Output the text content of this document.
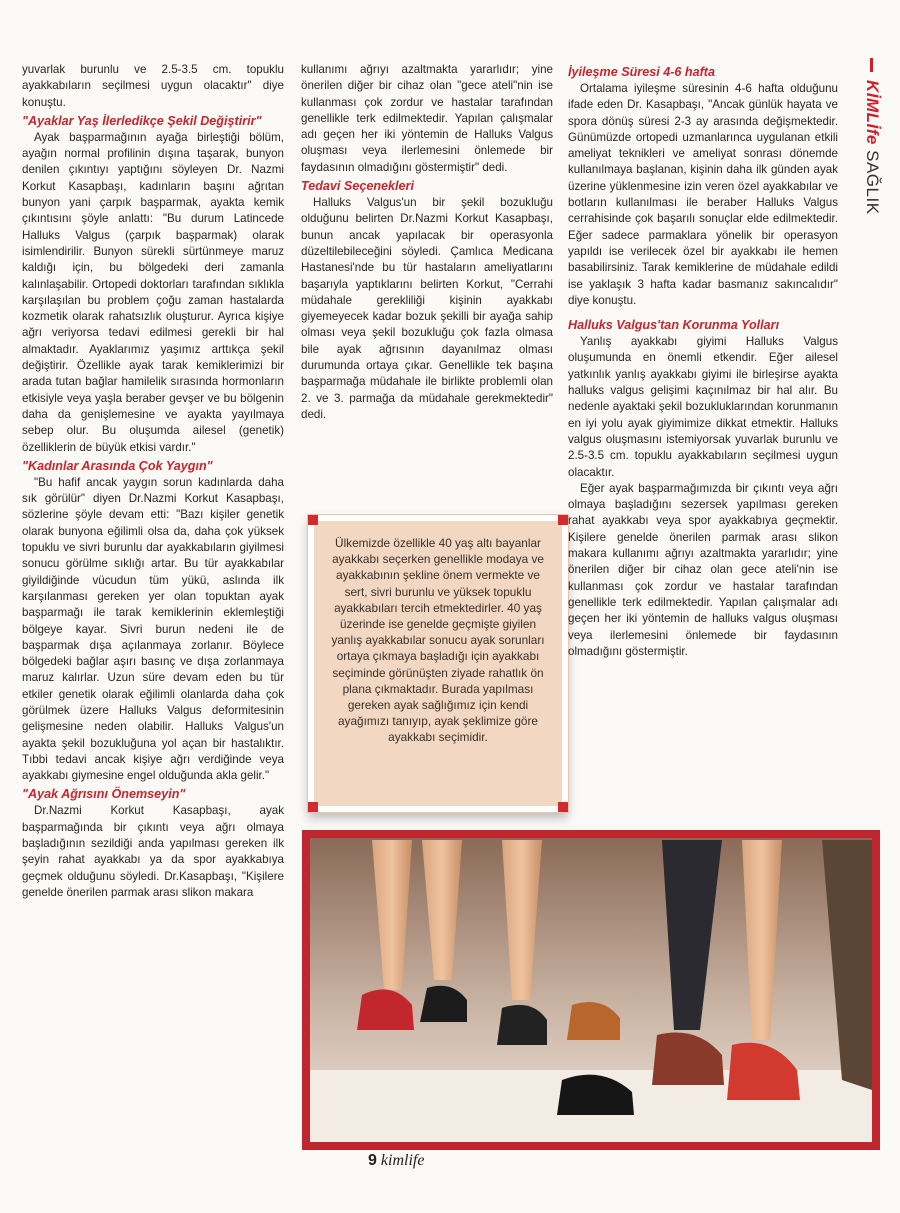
KİMLİfe SAĞLIK

yuvarlak burunlu ve 2.5-3.5 cm. topuklu ayakkabıların seçilmesi uygun olacaktır" diye konuştu.

"Ayaklar Yaş İlerledikçe Şekil Değiştirir"

Ayak başparmağının ayağa birleştiği bölüm, ayağın normal profilinin dışına taşarak, bunyon denilen çıkıntıyı yaptığını söyleyen Dr. Nazmi Korkut Kasapbaşı, kadınların başını ağrıtan bunyon yani çarpık başparmak, ayakta kemik çıkıntısını şöyle anlattı: "Bu durum Latincede Halluks Valgus (çarpık başparmak) olarak isimlendirilir. Bunyon sürekli sürtünmeye maruz kaldığı için, bu bölgedeki deri zamanla kalınlaşabilir. Ortopedi doktorları tarafından sıklıkla karşılaşılan bu problem çoğu zaman hastalarda kozmetik olarak rahatsızlık oluşturur. Ayrıca kişiye ağrı veriyorsa tedavi edilmesi gerekli bir hal almaktadır. Ayaklarımız yaşımız arttıkça şekil değiştirir. Özellikle ayak tarak kemiklerimizi bir arada tutan bağlar hamilelik sırasında hormonların etkisiyle veya yaşla beraber gevşer ve bu bölgenin daha da genişlemesine ve ayakta yayılmaya sebep olur. Bu oluşumda ailesel (genetik) özelliklerin de büyük etkisi vardır."

"Kadınlar Arasında Çok Yaygın"

"Bu hafif ancak yaygın sorun kadınlarda daha sık görülür" diyen Dr.Nazmi Korkut Kasapbaşı, sözlerine şöyle devam etti: "Bazı kişiler genetik olarak bunyona eğilimli olsa da, daha çok yüksek topuklu ve sivri burunlu dar ayakkabıların giyilmesi sonucu görülme sıklığı artar. Bu tür ayakkabılar giyildiğinde vücudun tüm yükü, aslında ilk karşılanması gereken yer olan topuktan ayak başparmağı ile tarak kemiklerinin eklemleştiği bölgeye kayar. Sivri burun nedeni ile de başparmak dışa açılanmaya zorlanır. Böylece bölgedeki bağlar aşırı basınç ve dışa zorlanmaya maruz kalırlar. Uzun süre devam eden bu tür etkiler genetik olarak eğilimli olanlarda daha çok görülmek üzere Halluks Valgus deformitesinin gelişmesine neden olabilir. Halluks Valgus'un ayakta şekil bozukluğuna yol açan bir hastalıktır. Tıbbi tedavi ancak kişiye ağrı verdiğinde veya ayakkabı giymesine engel olduğunda akla gelir."

"Ayak Ağrısını Önemseyin"

Dr.Nazmi Korkut Kasapbaşı, ayak başparmağında bir çıkıntı veya ağrı olmaya başladığının sezildiği anda yapılması gereken ilk şeyin rahat ayakkabı ya da spor ayakkabıya geçmek olduğunu söyledi. Dr.Kasapbaşı, "Kişilere genelde önerilen parmak arası slikon makara

kullanımı ağrıyı azaltmakta yararlıdır; yine önerilen diğer bir cihaz olan "gece ateli"nin ise kullanması çok zordur ve hastalar tarafından genellikle terk edilmektedir. Yapılan çalışmalar adı geçen her iki yöntemin de Halluks Valgus oluşması veya ilerlemesini önlemede bir faydasının olmadığını göstermiştir" dedi.

Tedavi Seçenekleri

Halluks Valgus'un bir şekil bozukluğu olduğunu belirten Dr.Nazmi Korkut Kasapbaşı, bunun ancak yapılacak bir operasyonla düzeltilebileceğini söyledi. Çamlıca Medicana Hastanesi'nde bu tür hastaların ameliyatlarını başarıyla yaptıklarını belirten Korkut, "Cerrahi müdahale gerekliliği kişinin ayakkabı giyemeyecek kadar bozuk şekilli bir ayağa sahip olması veya şekil bozukluğu çok fazla olmasa bile ayak ağrısının dayanılmaz olması durumunda ortaya çıkar. Genellikle tek başına başparmağa müdahale ile birlikte problemli olan 2. ve 3. parmağa da müdahale gerekmektedir" dedi.

Ülkemizde özellikle 40 yaş altı bayanlar ayakkabı seçerken genellikle modaya ve ayakkabının şekline önem vermekte ve sert, sivri burunlu ve yüksek topuklu ayakkabıları tercih etmektedirler. 40 yaş üzerinde ise genelde geçmişte giyilen yanlış ayakkabılar sonucu ayak sorunları ortaya çıkmaya başladığı için ayakkabı seçiminde görünüşten ziyade rahatlık ön plana çıkmaktadır. Burada yapılması gereken ayak sağlığımız için kendi ayağımızı tanıyıp, ayak şeklimize göre ayakkabı seçimidir.
İyileşme Süresi 4-6 hafta

Ortalama iyileşme süresinin 4-6 hafta olduğunu ifade eden Dr. Kasapbaşı, "Ancak günlük hayata ve spora dönüş süresi 2-3 ay arasında değişmektedir. Günümüzde ortopedi uzmanlarınca uygulanan etkili ameliyat teknikleri ve ameliyat sonrası dönemde kullanılmaya başlanan, kişinin daha ilk günden ayak üzerine yüklenmesine izin veren özel ayakkabılar ve botların kullanılması ile beraber Halluks Valgus cerrahisinde çok başarılı sonuçlar elde edilmektedir. Eğer sadece parmaklara yönelik bir operasyon yapıldı ise verilecek özel bir ayakkabı ile hemen basabilirsiniz. Tarak kemiklerine de müdahale edildi ise yaklaşık 3 hafta kadar basmanız sakıncalıdır" diye konuştu.

Halluks Valgus'tan Korunma Yolları

Yanlış ayakkabı giyimi Halluks Valgus oluşumunda en önemli etkendir. Eğer ailesel yatkınlık yanlış ayakkabı giyimi ile birleşirse ayakta halluks valgus gelişimi kaçınılmaz bir hal alır. Bu nedenle ayaktaki şekil bozukluklarından korunmanın en iyi yolu ayak giyimimize dikkat etmektir. Halluks valgus oluşmasını istemiyorsak yuvarlak burunlu ve 2.5-3.5 cm. topuklu ayakkabıların seçilmesi uygun olacaktır.

Eğer ayak başparmağımızda bir çıkıntı veya ağrı olmaya başladığını sezersek yapılması gereken rahat ayakkabı veya spor ayakkabıya geçmektir. Kişilere genelde önerilen parmak arası slikon makara kullanımı ağrıyı azaltmakta yararlıdır; yine önerilen diğer bir cihaz olan gece ateli'nin ise kullanması çok zordur ve hastalar tarafından genellikle terk edilmektedir. Yapılan çalışmalar adı geçen her iki yöntemin de halluks valgus oluşması veya ilerlemesini önlemede bir faydasının olmadığını göstermiştir.

9 kimlife
